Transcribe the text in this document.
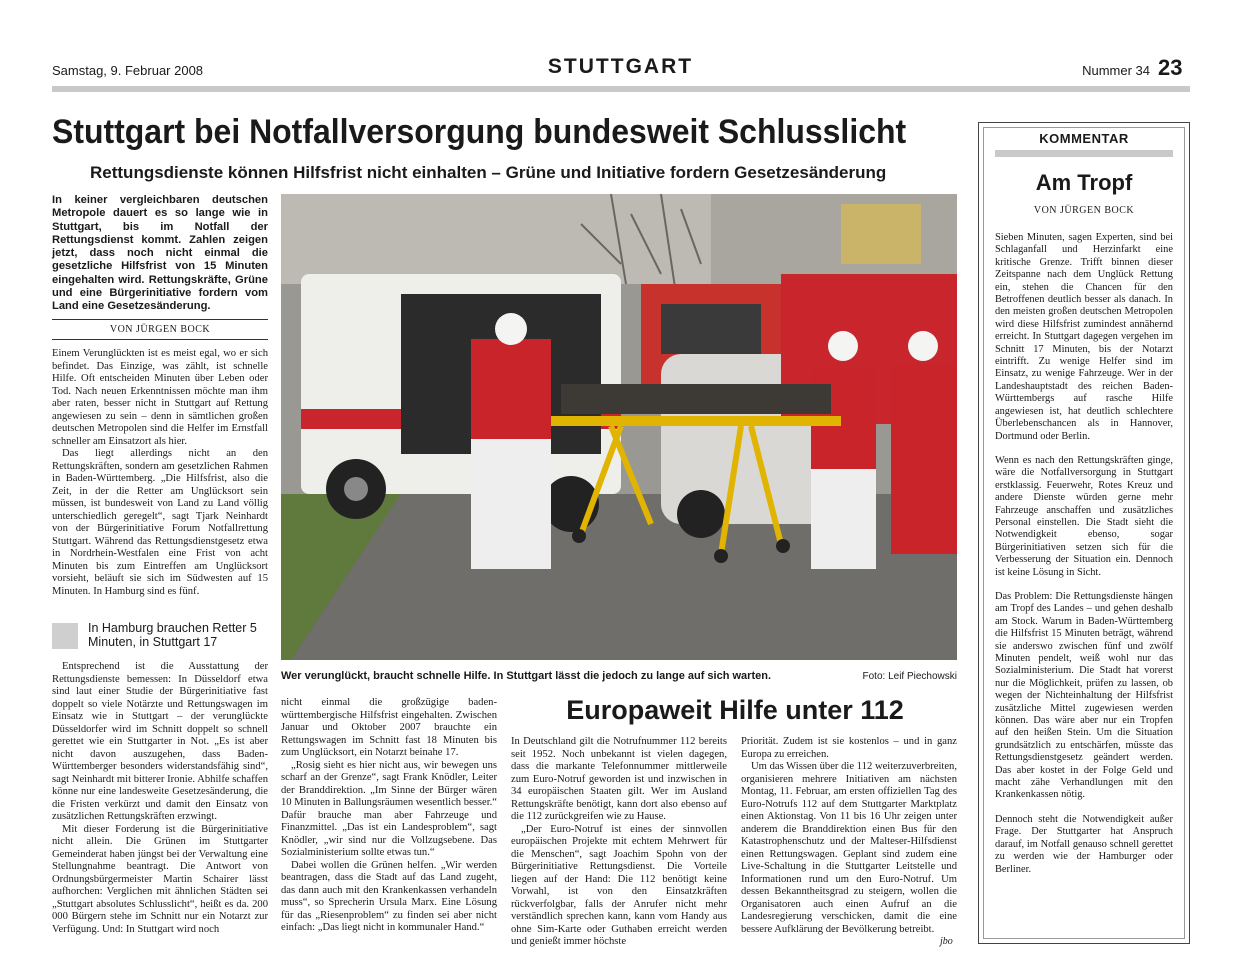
Samstag, 9. Februar 2008	STUTTGART	Nummer 34 23
Stuttgart bei Notfallversorgung bundesweit Schlusslicht
Rettungsdienste können Hilfsfrist nicht einhalten – Grüne und Initiative fordern Gesetzesänderung
In keiner vergleichbaren deutschen Metropole dauert es so lange wie in Stuttgart, bis im Notfall der Rettungsdienst kommt. Zahlen zeigen jetzt, dass noch nicht einmal die gesetzliche Hilfsfrist von 15 Minuten eingehalten wird. Rettungskräfte, Grüne und eine Bürgerinitiative fordern vom Land eine Gesetzesänderung.
VON JÜRGEN BOCK

Einem Verunglückten ist es meist egal, wo er sich befindet. Das Einzige, was zählt, ist schnelle Hilfe. Oft entscheiden Minuten über Leben oder Tod. Nach neuen Erkenntnissen möchte man ihm aber raten, besser nicht in Stuttgart auf Rettung angewiesen zu sein – denn in sämtlichen großen deutschen Metropolen sind die Helfer im Ernstfall schneller am Einsatzort als hier.

Das liegt allerdings nicht an den Rettungskräften, sondern am gesetzlichen Rahmen in Baden-Württemberg. „Die Hilfsfrist, also die Zeit, in der die Retter am Unglücksort sein müssen, ist bundesweit von Land zu Land völlig unterschiedlich geregelt“, sagt Tjark Neinhardt von der Bürgerinitiative Forum Notfallrettung Stuttgart. Während das Rettungsdienstgesetz etwa in Nordrhein-Westfalen eine Frist von acht Minuten bis zum Eintreffen am Unglücksort vorsieht, beläuft sie sich im Südwesten auf 15 Minuten. In Hamburg sind es fünf.

In Hamburg brauchen Retter 5 Minuten, in Stuttgart 17

Entsprechend ist die Ausstattung der Rettungsdienste bemessen: In Düsseldorf etwa sind laut einer Studie der Bürgerinitiative fast doppelt so viele Notärzte und Rettungswagen im Einsatz wie in Stuttgart – der verunglückte Düsseldorfer wird im Schnitt doppelt so schnell gerettet wie ein Stuttgarter in Not. „Es ist aber nicht davon auszugehen, dass Baden-Württemberger besonders widerstandsfähig sind“, sagt Neinhardt mit bitterer Ironie. Abhilfe schaffen könne nur eine landesweite Gesetzesänderung, die die Fristen verkürzt und damit den Einsatz von zusätzlichen Rettungskräften erzwingt.

Mit dieser Forderung ist die Bürgerinitiative nicht allein. Die Grünen im Stuttgarter Gemeinderat haben jüngst bei der Verwaltung eine Stellungnahme beantragt. Die Antwort von Ordnungsbürgermeister Martin Schairer lässt aufhorchen: Verglichen mit ähnlichen Städten sei „Stuttgart absolutes Schlusslicht“, heißt es da. 200 000 Bürgern stehe im Schnitt nur ein Notarzt zur Verfügung. Und: In Stuttgart wird noch

Wer verunglückt, braucht schnelle Hilfe. In Stuttgart lässt die jedoch zu lange auf sich warten.	Foto: Leif Piechowski

nicht einmal die großzügige baden-württembergische Hilfsfrist eingehalten. Zwischen Januar und Oktober 2007 brauchte ein Rettungswagen im Schnitt fast 18 Minuten bis zum Unglücksort, ein Notarzt beinahe 17.

„Rosig sieht es hier nicht aus, wir bewegen uns scharf an der Grenze“, sagt Frank Knödler, Leiter der Branddirektion. „Im Sinne der Bürger wären 10 Minuten in Ballungsräumen wesentlich besser.“ Dafür brauche man aber Fahrzeuge und Finanzmittel. „Das ist ein Landesproblem“, sagt Knödler, „wir sind nur die Vollzugsebene. Das Sozialministerium sollte etwas tun.“

Dabei wollen die Grünen helfen. „Wir werden beantragen, dass die Stadt auf das Land zugeht, das dann auch mit den Krankenkassen verhandeln muss“, so Sprecherin Ursula Marx. Eine Lösung für das „Riesenproblem“ zu finden sei aber nicht einfach: „Das liegt nicht in kommunaler Hand.“

Europaweit Hilfe unter 112

In Deutschland gilt die Notrufnummer 112 bereits seit 1952. Noch unbekannt ist vielen dagegen, dass die markante Telefonnummer mittlerweile zum Euro-Notruf geworden ist und inzwischen in 34 europäischen Staaten gilt. Wer im Ausland Rettungskräfte benötigt, kann dort also ebenso auf die 112 zurückgreifen wie zu Hause.

„Der Euro-Notruf ist eines der sinnvollen europäischen Projekte mit echtem Mehrwert für die Menschen“, sagt Joachim Spohn von der Bürgerinitiative Rettungsdienst. Die Vorteile liegen auf der Hand: Die 112 benötigt keine Vorwahl, ist von den Einsatzkräften rückverfolgbar, falls der Anrufer nicht mehr verständlich sprechen kann, kann vom Handy aus ohne Sim-Karte oder Guthaben erreicht werden und genießt immer höchste

Priorität. Zudem ist sie kostenlos – und in ganz Europa zu erreichen.

Um das Wissen über die 112 weiterzuverbreiten, organisieren mehrere Initiativen am nächsten Montag, 11. Februar, am ersten offiziellen Tag des Euro-Notrufs 112 auf dem Stuttgarter Marktplatz einen Aktionstag. Von 11 bis 16 Uhr zeigen unter anderem die Branddirektion einen Bus für den Katastrophenschutz und der Malteser-Hilfsdienst einen Rettungswagen. Geplant sind zudem eine Live-Schaltung in die Stuttgarter Leitstelle und Informationen rund um den Euro-Notruf. Um dessen Bekanntheitsgrad zu steigern, wollen die Organisatoren auch einen Aufruf an die Landesregierung verschicken, damit die eine bessere Aufklärung der Bevölkerung betreibt.

jbo
KOMMENTAR
Am Tropf
VON JÜRGEN BOCK

Sieben Minuten, sagen Experten, sind bei Schlaganfall und Herzinfarkt eine kritische Grenze. Trifft binnen dieser Zeitspanne nach dem Unglück Rettung ein, stehen die Chancen für den Betroffenen deutlich besser als danach. In den meisten großen deutschen Metropolen wird diese Hilfsfrist zumindest annähernd erreicht. In Stuttgart dagegen vergehen im Schnitt 17 Minuten, bis der Notarzt eintrifft. Zu wenige Helfer sind im Einsatz, zu wenige Fahrzeuge. Wer in der Landeshauptstadt des reichen Baden-Württembergs auf rasche Hilfe angewiesen ist, hat deutlich schlechtere Überlebenschancen als in Hannover, Dortmund oder Berlin.

Wenn es nach den Rettungskräften ginge, wäre die Notfallversorgung in Stuttgart erstklassig. Feuerwehr, Rotes Kreuz und andere Dienste würden gerne mehr Fahrzeuge anschaffen und zusätzliches Personal einstellen. Die Stadt sieht die Notwendigkeit ebenso, sogar Bürgerinitiativen setzen sich für die Verbesserung der Situation ein. Dennoch ist keine Lösung in Sicht.

Das Problem: Die Rettungsdienste hängen am Tropf des Landes – und gehen deshalb am Stock. Warum in Baden-Württemberg die Hilfsfrist 15 Minuten beträgt, während sie anderswo zwischen fünf und zwölf Minuten pendelt, weiß wohl nur das Sozialministerium. Die Stadt hat vorerst nur die Möglichkeit, prüfen zu lassen, ob wegen der Nichteinhaltung der Hilfsfrist zusätzliche Mittel zugewiesen werden können. Das wäre aber nur ein Tropfen auf den heißen Stein. Um die Situation grundsätzlich zu entschärfen, müsste das Rettungsdienstgesetz geändert werden. Das aber kostet in der Folge Geld und macht zähe Verhandlungen mit den Krankenkassen nötig.

Dennoch steht die Notwendigkeit außer Frage. Der Stuttgarter hat Anspruch darauf, im Notfall genauso schnell gerettet zu werden wie der Hamburger oder Berliner.
